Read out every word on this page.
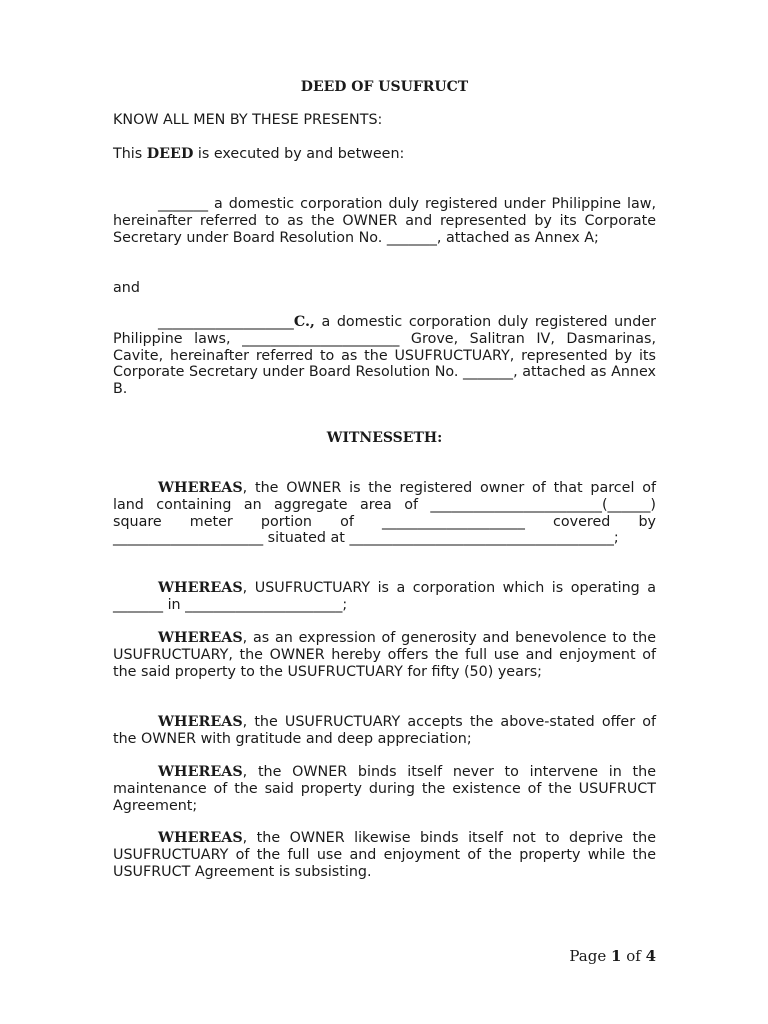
DEED OF USUFRUCT

KNOW ALL MEN BY THESE PRESENTS:

This DEED is executed by and between:

_______ a domestic corporation duly registered under Philippine law, hereinafter referred to as the OWNER and represented by its Corporate Secretary under Board Resolution No. _______, attached as Annex A;

and

___________________C., a domestic corporation duly registered under Philippine laws, ______________________ Grove, Salitran IV, Dasmarinas, Cavite, hereinafter referred to as the USUFRUCTUARY, represented by its Corporate Secretary under Board Resolution No. _______, attached as Annex B.

WITNESSETH:

WHEREAS, the OWNER is the registered owner of that parcel of land containing an aggregate area of ________________________(______) square meter portion of ____________________ covered by _____________________ situated at _____________________________________;

WHEREAS, USUFRUCTUARY is a corporation which is operating a _______ in ______________________;

WHEREAS, as an expression of generosity and benevolence to the USUFRUCTUARY, the OWNER hereby offers the full use and enjoyment of the said property to the USUFRUCTUARY for fifty (50) years;

WHEREAS, the USUFRUCTUARY accepts the above-stated offer of the OWNER with gratitude and deep appreciation;

WHEREAS, the OWNER binds itself never to intervene in the maintenance of the said property during the existence of the USUFRUCT Agreement;

WHEREAS, the OWNER likewise binds itself not to deprive the USUFRUCTUARY of the full use and enjoyment of the property while the USUFRUCT Agreement is subsisting.

Page 1 of 4
